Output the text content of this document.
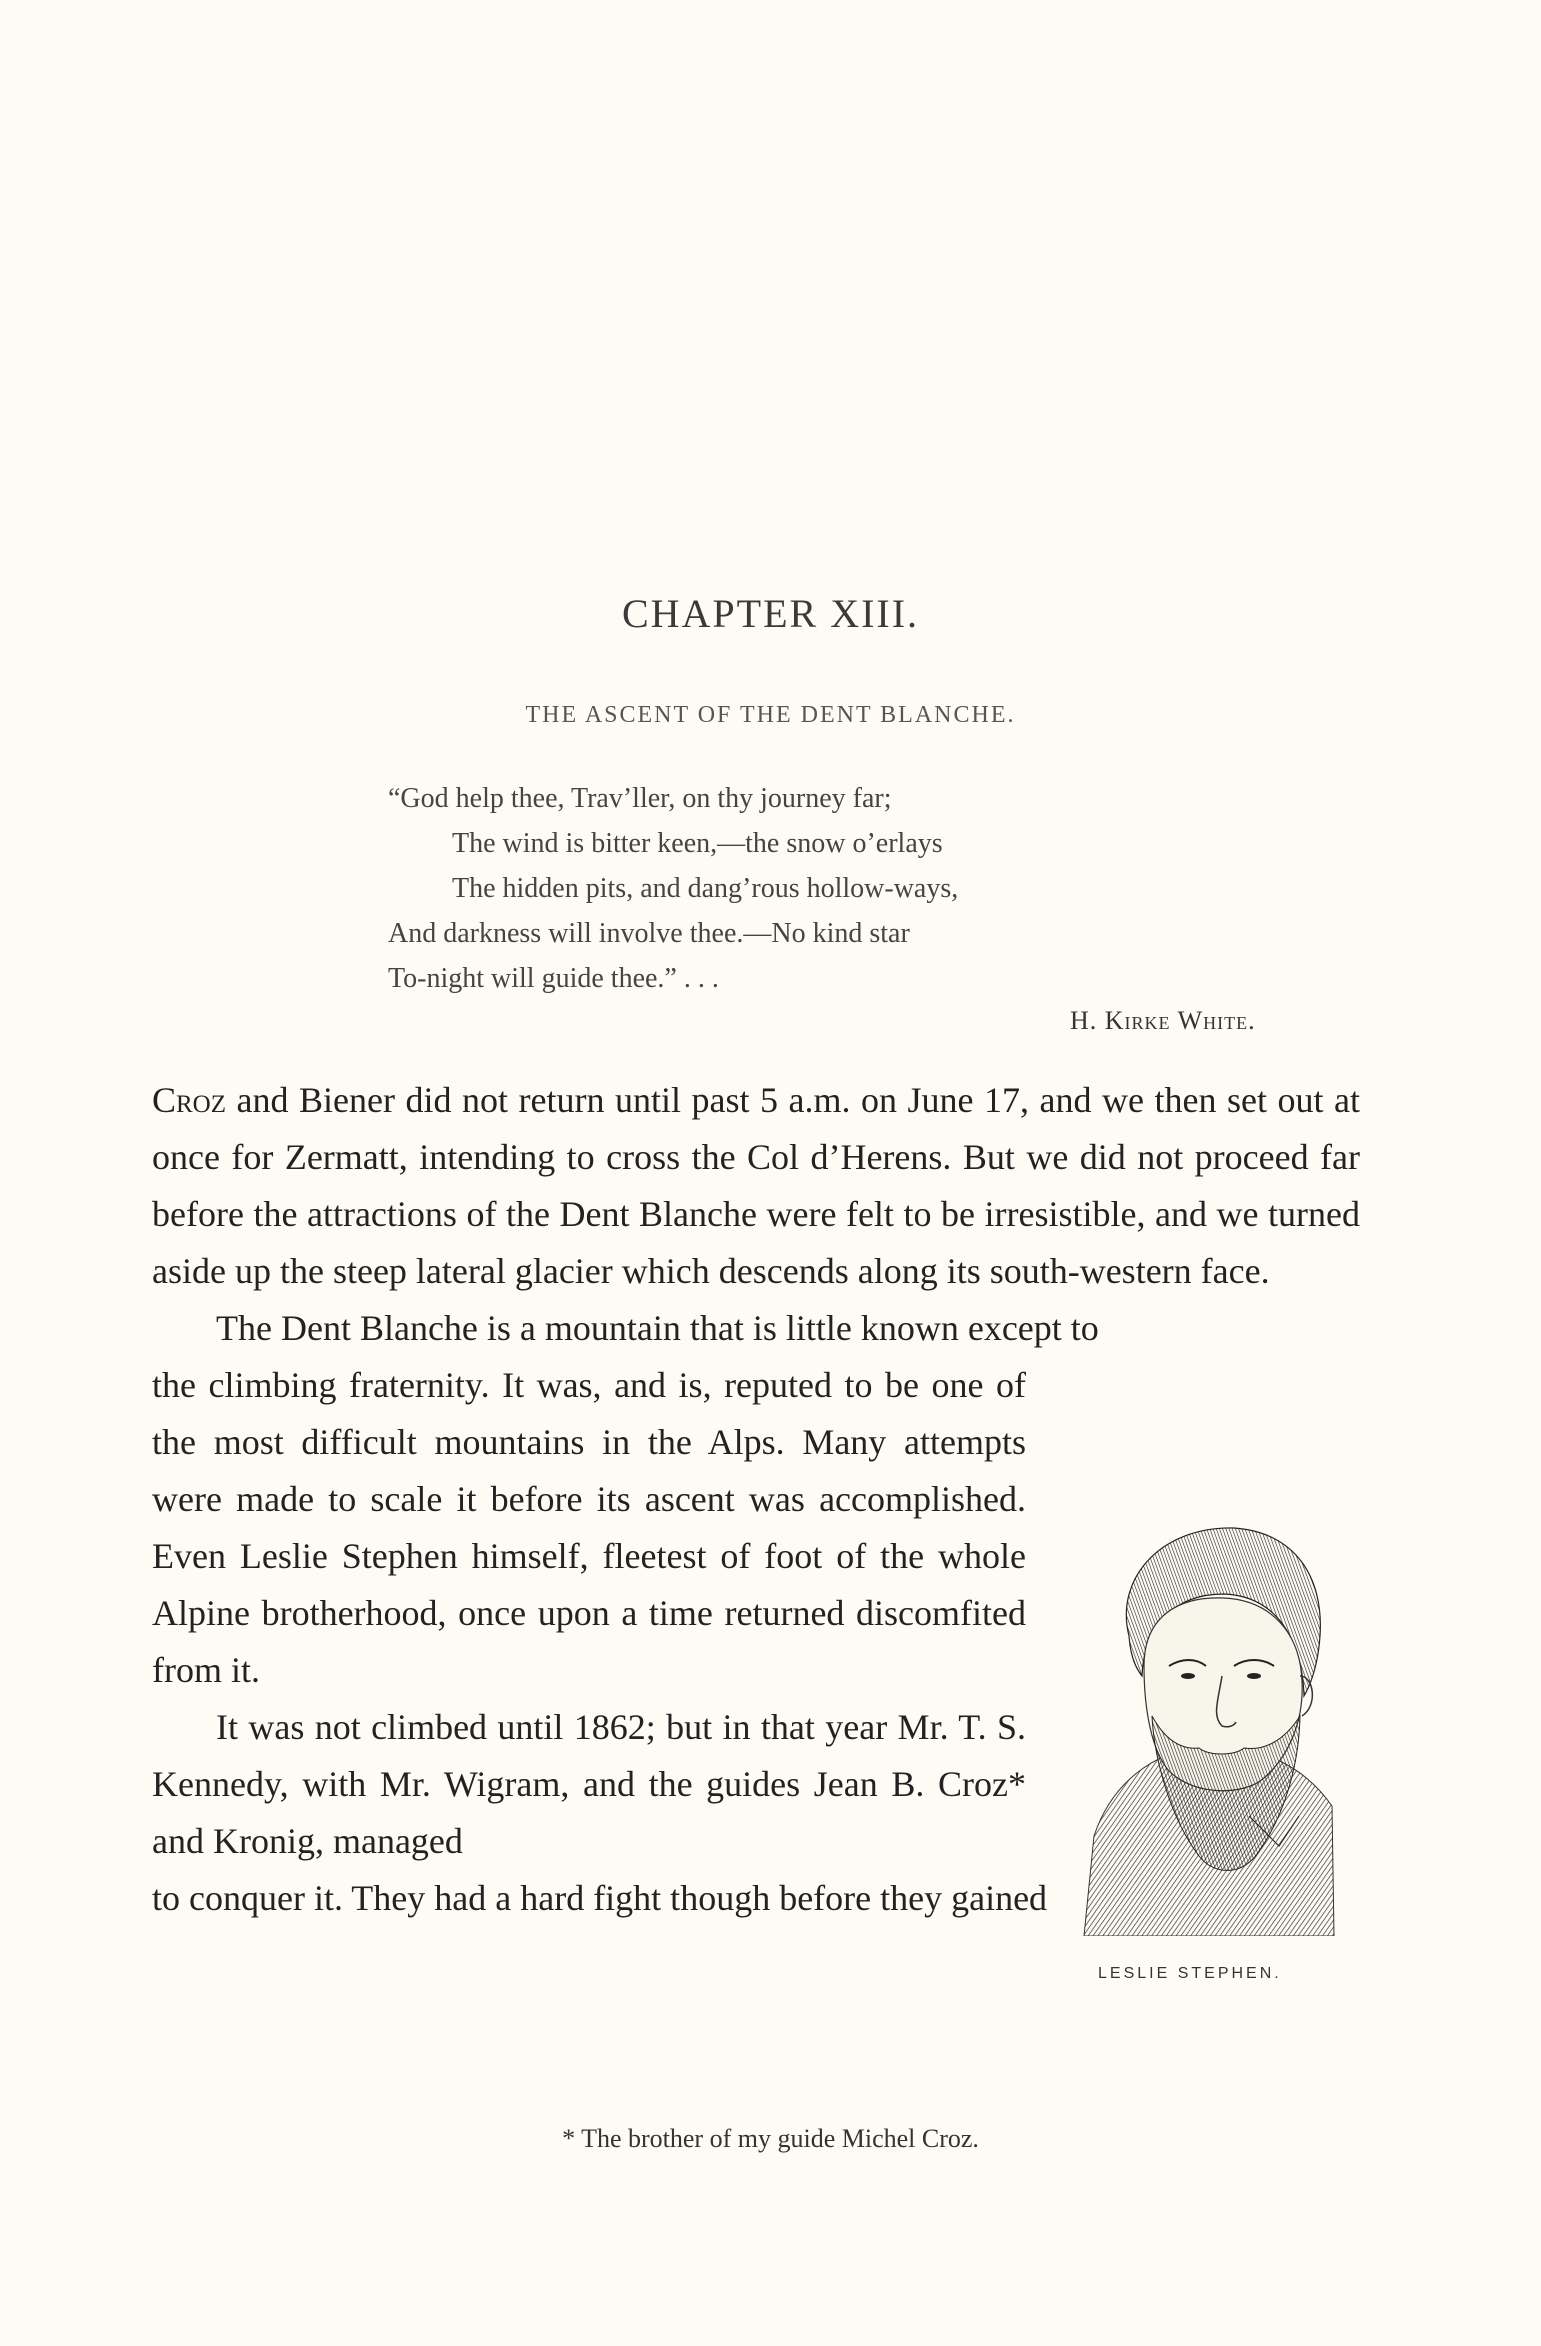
CHAPTER XIII.
THE ASCENT OF THE DENT BLANCHE.
“God help thee, Trav’ller, on thy journey far;
The wind is bitter keen,—the snow o’erlays
The hidden pits, and dang’rous hollow-ways,
And darkness will involve thee.—No kind star
To-night will guide thee.” . . .
H. Kirke White.

Croz and Biener did not return until past 5 a.m. on June 17, and we then set out at once for Zermatt, intending to cross the Col d’Herens. But we did not proceed far before the attractions of the Dent Blanche were felt to be irresistible, and we turned aside up the steep lateral glacier which descends along its south-western face.

The Dent Blanche is a mountain that is little known except to

the climbing fraternity. It was, and is, reputed to be one of the most difficult mountains in the Alps. Many attempts were made to scale it before its ascent was accomplished. Even Leslie Stephen himself, fleetest of foot of the whole Alpine brotherhood, once upon a time returned discomfited from it.

It was not climbed until 1862; but in that year Mr. T. S. Kennedy, with Mr. Wigram, and the guides Jean B. Croz* and Kronig, managed

to conquer it. They had a hard fight though before they gained

LESLIE STEPHEN.
* The brother of my guide Michel Croz.
